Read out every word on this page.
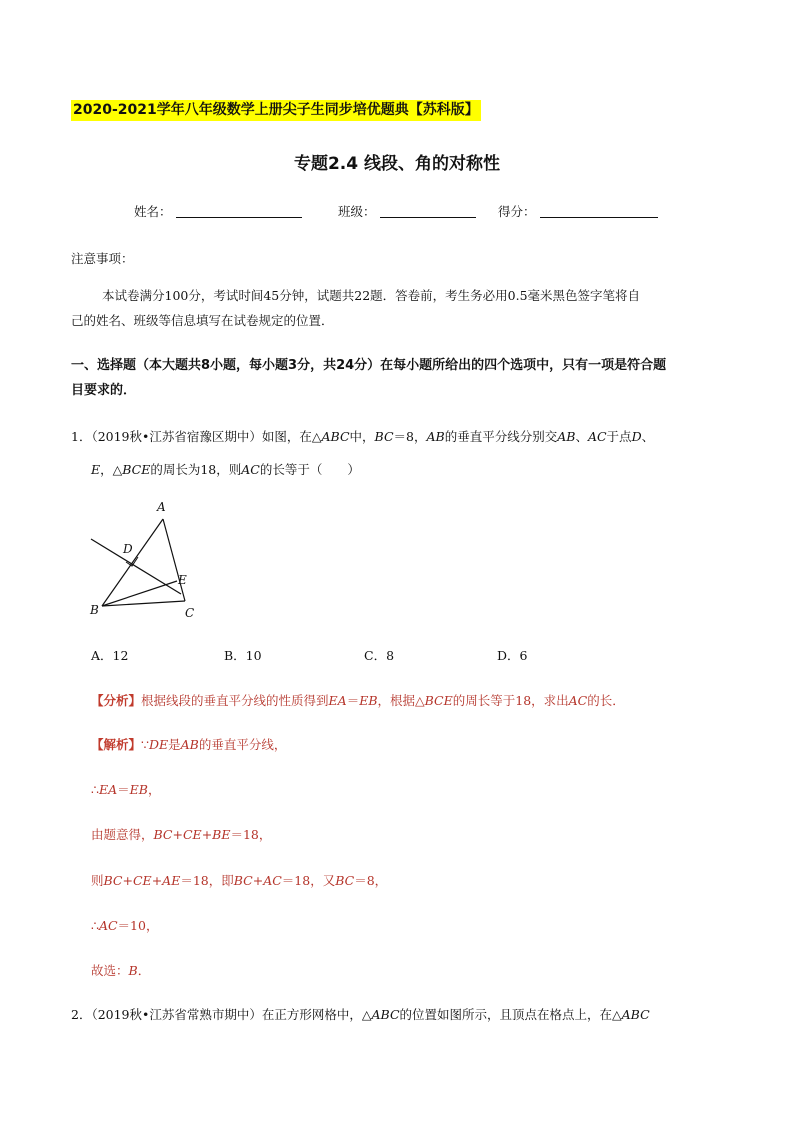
2020-2021学年八年级数学上册尖子生同步培优题典【苏科版】
专题2.4 线段、角的对称性
姓名：	班级：	得分：
注意事项：
本试卷满分100分，考试时间45分钟，试题共22题．答卷前，考生务必用0.5毫米黑色签字笔将自
己的姓名、班级等信息填写在试卷规定的位置．
一、选择题（本大题共8小题，每小题3分，共24分）在每小题所给出的四个选项中，只有一项是符合题
目要求的．
1．（2019秋•江苏省宿豫区期中）如图，在△ABC中，BC＝8，AB的垂直平分线分别交AB、AC于点D、
E，△BCE的周长为18，则AC的长等于（　　）
A
D
E
B	C
A．12	B．10	C．8	D．6
【分析】根据线段的垂直平分线的性质得到EA＝EB，根据△BCE的周长等于18，求出AC的长．
【解析】∵DE是AB的垂直平分线，
∴EA＝EB，
由题意得，BC+CE+BE＝18，
则BC+CE+AE＝18，即BC+AC＝18，又BC＝8，
∴AC＝10，
故选：B．
2．（2019秋•江苏省常熟市期中）在正方形网格中，△ABC的位置如图所示，且顶点在格点上，在△ABC
